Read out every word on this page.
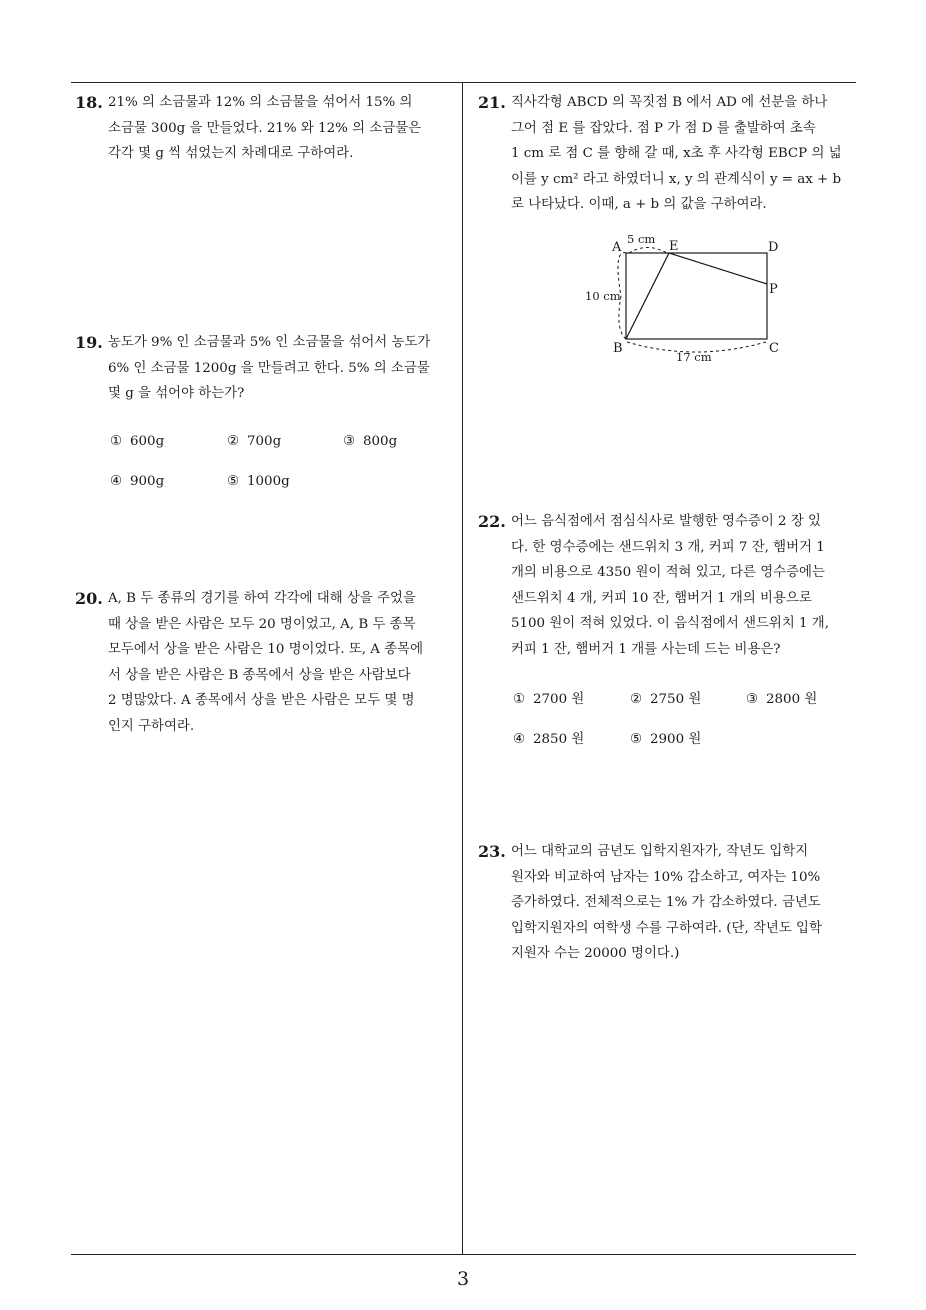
18. 21% 의 소금물과 12% 의 소금물을 섞어서 15% 의

소금물 300g 을 만들었다. 21% 와 12% 의 소금물은

각각 몇 g 씩 섞었는지 차례대로 구하여라.

19. 농도가 9% 인 소금물과 5% 인 소금물을 섞어서 농도가

6% 인 소금물 1200g 을 만들려고 한다. 5% 의 소금물

몇 g 을 섞어야 하는가?

① 600g	② 700g	③ 800g
④ 900g	⑤ 1000g
20. A, B 두 종류의 경기를 하여 각각에 대해 상을 주었을

때 상을 받은 사람은 모두 20 명이었고, A, B 두 종목

모두에서 상을 받은 사람은 10 명이었다. 또, A 종목에

서 상을 받은 사람은 B 종목에서 상을 받은 사람보다

2 명많았다. A 종목에서 상을 받은 사람은 모두 몇 명

인지 구하여라.

21. 직사각형 ABCD 의 꼭짓점 B 에서 AD 에 선분을 하나

그어 점 E 를 잡았다. 점 P 가 점 D 를 출발하여 초속

1 cm 로 점 C 를 향해 갈 때, x초 후 사각형 EBCP 의 넓

이를 y cm² 라고 하였더니 x, y 의 관계식이 y = ax + b

로 나타났다. 이때, a + b 의 값을 구하여라.

A	E	D
P
B	C
5 cm
10 cm
17 cm
22. 어느 음식점에서 점심식사로 발행한 영수증이 2 장 있

다. 한 영수증에는 샌드위치 3 개, 커피 7 잔, 햄버거 1

개의 비용으로 4350 원이 적혀 있고, 다른 영수증에는

샌드위치 4 개, 커피 10 잔, 햄버거 1 개의 비용으로

5100 원이 적혀 있었다. 이 음식점에서 샌드위치 1 개,

커피 1 잔, 햄버거 1 개를 사는데 드는 비용은?

① 2700 원	② 2750 원	③ 2800 원
④ 2850 원	⑤ 2900 원
23. 어느 대학교의 금년도 입학지원자가, 작년도 입학지

원자와 비교하여 남자는 10% 감소하고, 여자는 10%

증가하였다. 전체적으로는 1% 가 감소하였다. 금년도

입학지원자의 여학생 수를 구하여라. (단, 작년도 입학

지원자 수는 20000 명이다.)

3
